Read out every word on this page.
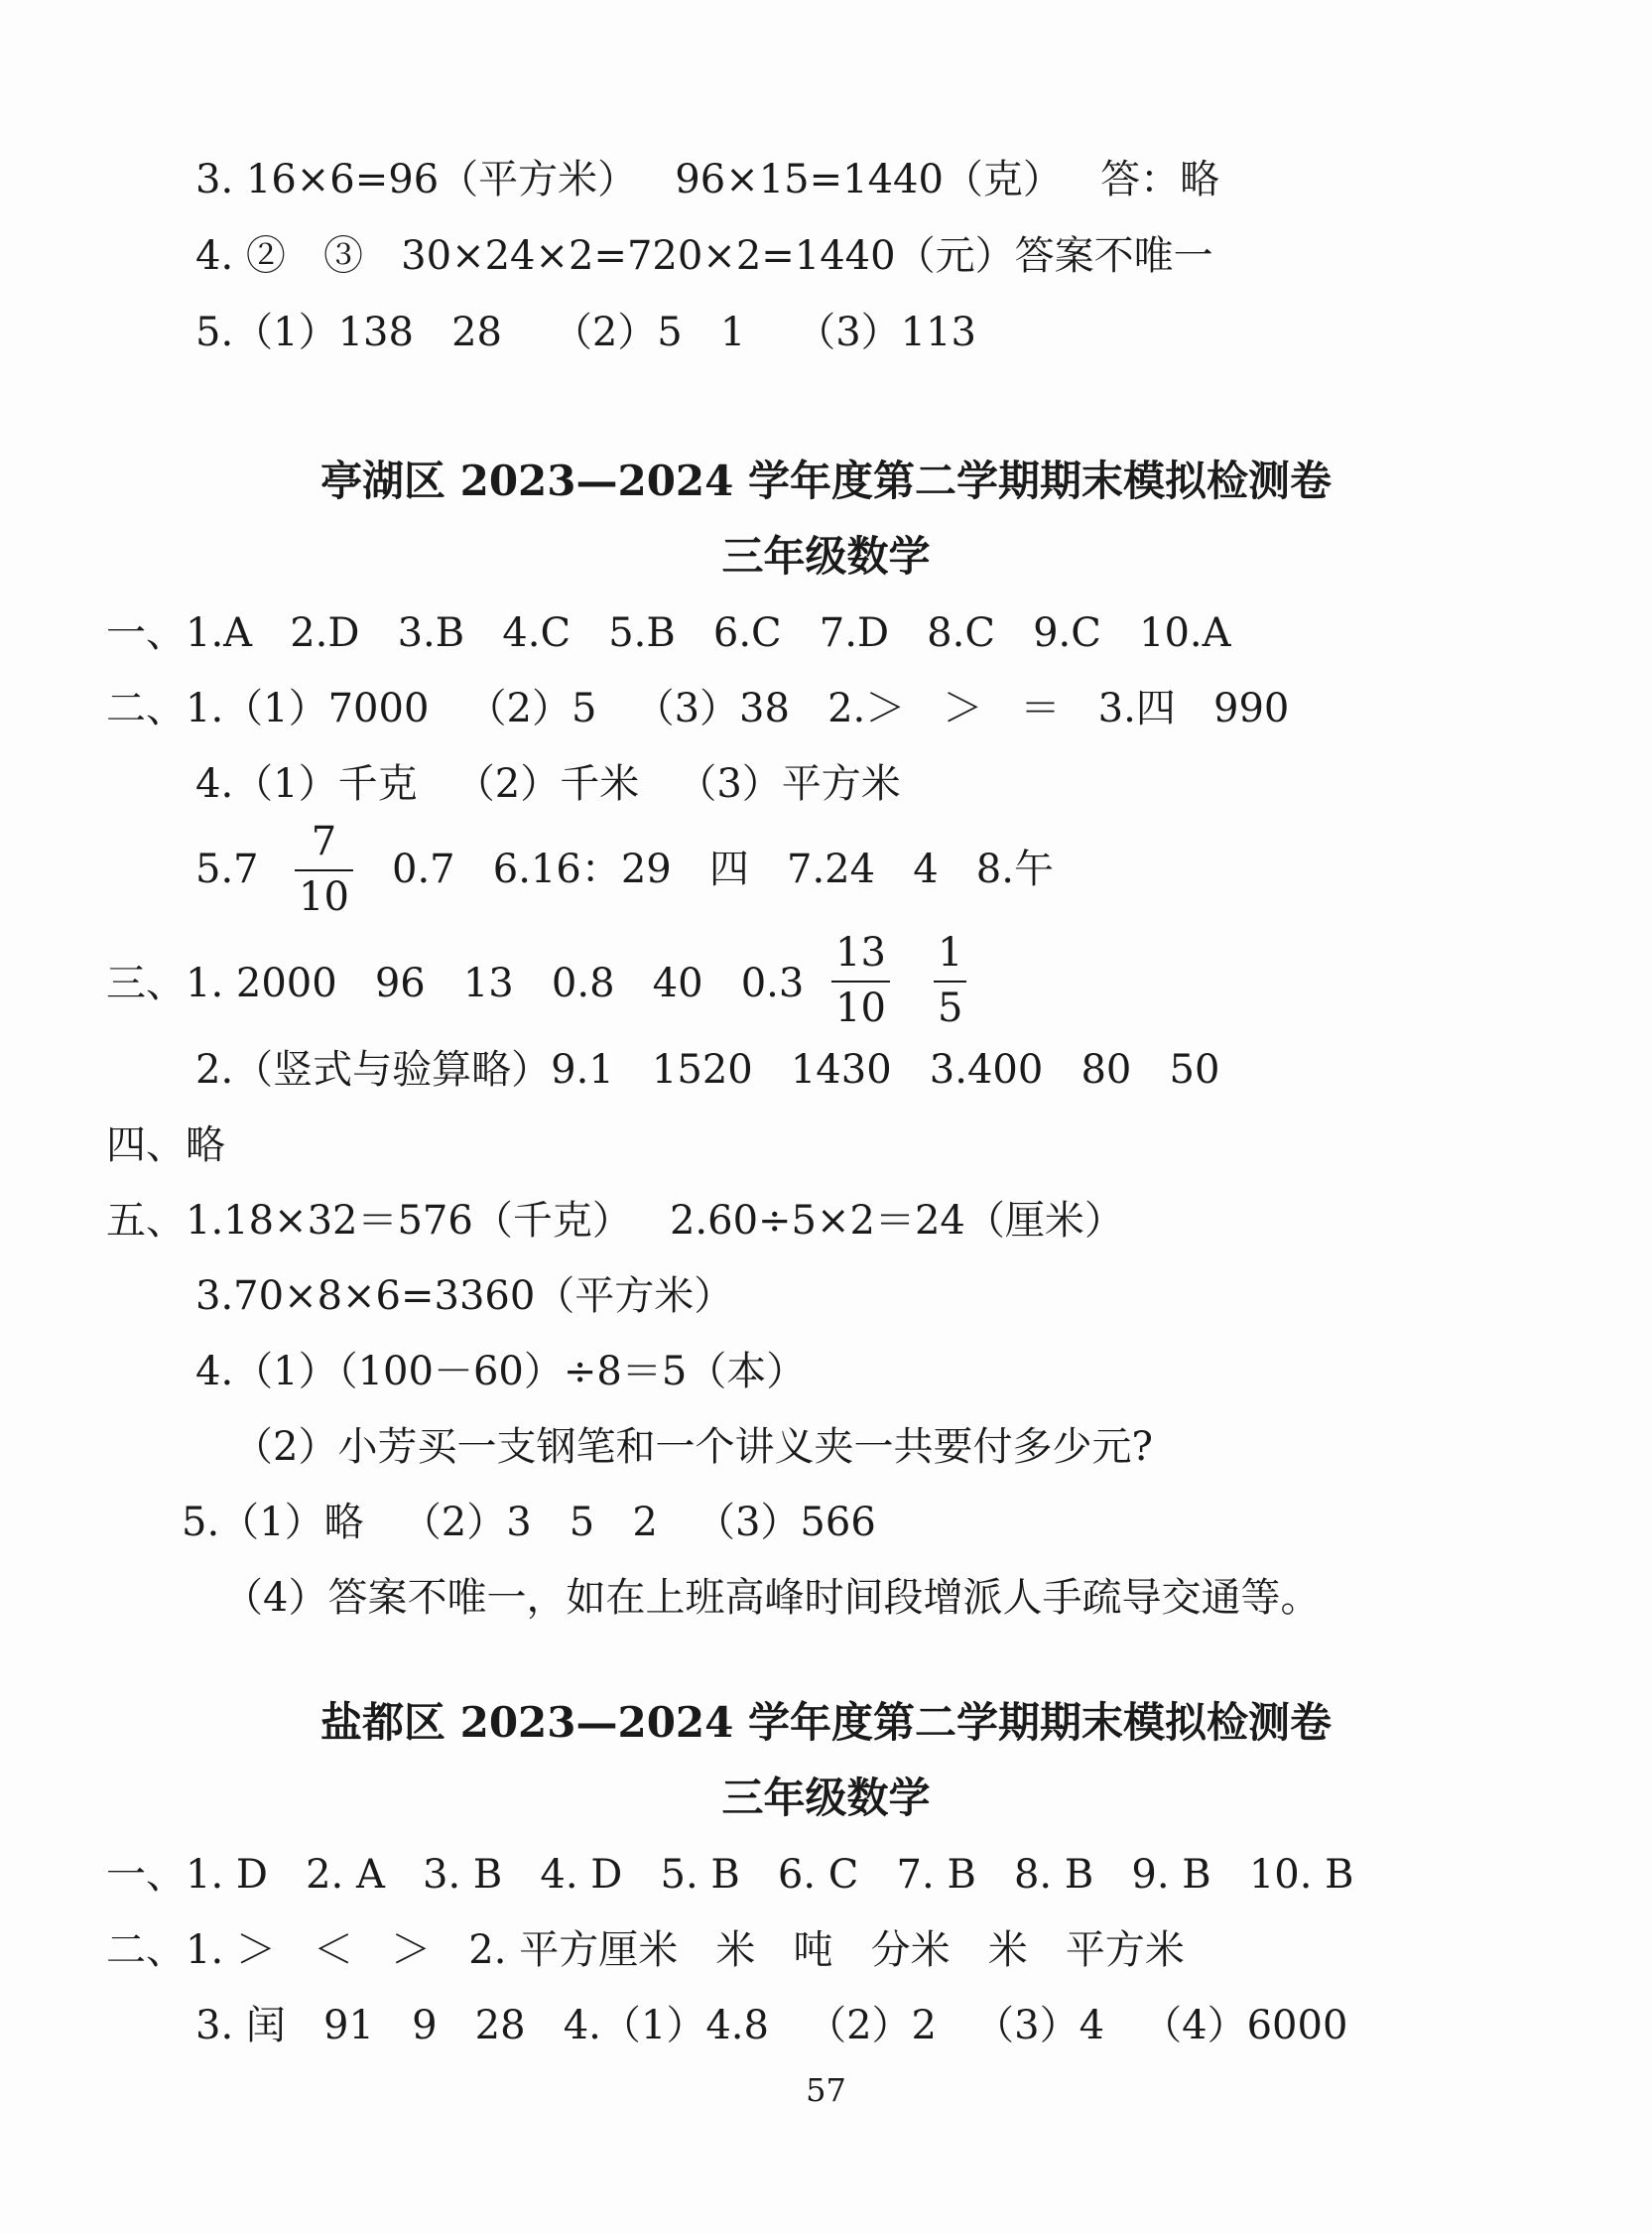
3. 16×6=96（平方米）   96×15=1440（克）   答：略
4. ②   ③   30×24×2=720×2=1440（元）答案不唯一
5.（1）138   28    （2）5   1    （3）113
亭湖区 2023—2024 学年度第二学期期末模拟检测卷
三年级数学
一、1.A   2.D   3.B   4.C   5.B   6.C   7.D   8.C   9.C   10.A
二、1.（1）7000   （2）5   （3）38   2.＞   ＞   ＝   3.四   990
4.（1）千克   （2）千米   （3）平方米
5.7
7
10
0.7   6.16：29   四   7.24   4   8.午
三、1. 2000   96   13   0.8   40   0.3
13
10
1
5
2.（竖式与验算略）9.1   1520   1430   3.400   80   50
四、略
五、1.18×32＝576（千克）   2.60÷5×2＝24（厘米）
3.70×8×6=3360（平方米）
4.（1）（100－60）÷8＝5（本）
（2）小芳买一支钢笔和一个讲义夹一共要付多少元?
5.（1）略   （2）3   5   2   （3）566
（4）答案不唯一，如在上班高峰时间段增派人手疏导交通等。
盐都区 2023—2024 学年度第二学期期末模拟检测卷
三年级数学
一、1. D   2. A   3. B   4. D   5. B   6. C   7. B   8. B   9. B   10. B
二、1. ＞   ＜   ＞   2. 平方厘米   米   吨   分米   米   平方米
3. 闰   91   9   28   4.（1）4.8   （2）2   （3）4   （4）6000
57
